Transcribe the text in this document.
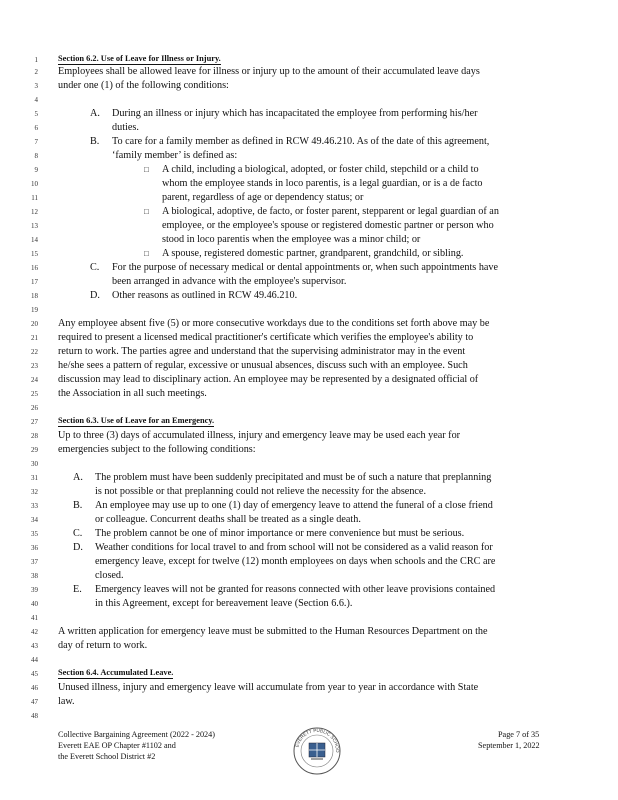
1
2
3
4
5
6
7
8
9
10
11
12
13
14
15
16
17
18
19
20
21
22
23
24
25
26
27
28
29
30
31
32
33
34
35
36
37
38
39
40
41
42
43
44
45
46
47
48
Section 6.2. Use of Leave for Illness or Injury.
Employees shall be allowed leave for illness or injury up to the amount of their accumulated leave days
under one (1) of the following conditions:
A. During an illness or injury which has incapacitated the employee from performing his/her
duties.
B. To care for a family member as defined in RCW 49.46.210. As of the date of this agreement,
‘family member’ is defined as:
□ A child, including a biological, adopted, or foster child, stepchild or a child to
whom the employee stands in loco parentis, is a legal guardian, or is a de facto
parent, regardless of age or dependency status; or
□ A biological, adoptive, de facto, or foster parent, stepparent or legal guardian of an
employee, or the employee's spouse or registered domestic partner or person who
stood in loco parentis when the employee was a minor child; or
□ A spouse, registered domestic partner, grandparent, grandchild, or sibling.
C. For the purpose of necessary medical or dental appointments or, when such appointments have
been arranged in advance with the employee's supervisor.
D. Other reasons as outlined in RCW 49.46.210.
Any employee absent five (5) or more consecutive workdays due to the conditions set forth above may be
required to present a licensed medical practitioner's certificate which verifies the employee's ability to
return to work. The parties agree and understand that the supervising administrator may in the event
he/she sees a pattern of regular, excessive or unusual absences, discuss such with an employee. Such
discussion may lead to disciplinary action. An employee may be represented by a designated official of
the Association in all such meetings.
Section 6.3. Use of Leave for an Emergency.
Up to three (3) days of accumulated illness, injury and emergency leave may be used each year for
emergencies subject to the following conditions:
A. The problem must have been suddenly precipitated and must be of such a nature that preplanning
is not possible or that preplanning could not relieve the necessity for the absence.
B. An employee may use up to one (1) day of emergency leave to attend the funeral of a close friend
or colleague. Concurrent deaths shall be treated as a single death.
C. The problem cannot be one of minor importance or mere convenience but must be serious.
D. Weather conditions for local travel to and from school will not be considered as a valid reason for
emergency leave, except for twelve (12) month employees on days when schools and the CRC are
closed.
E. Emergency leaves will not be granted for reasons connected with other leave provisions contained
in this Agreement, except for bereavement leave (Section 6.6.).
A written application for emergency leave must be submitted to the Human Resources Department on the
day of return to work.
Section 6.4. Accumulated Leave.
Unused illness, injury and emergency leave will accumulate from year to year in accordance with State
law.
Collective Bargaining Agreement (2022 - 2024)
Everett EAE OP Chapter #1102 and
the Everett School District #2
Page 7 of 35
September 1, 2022
EVERETT PUBLIC SCHOO
